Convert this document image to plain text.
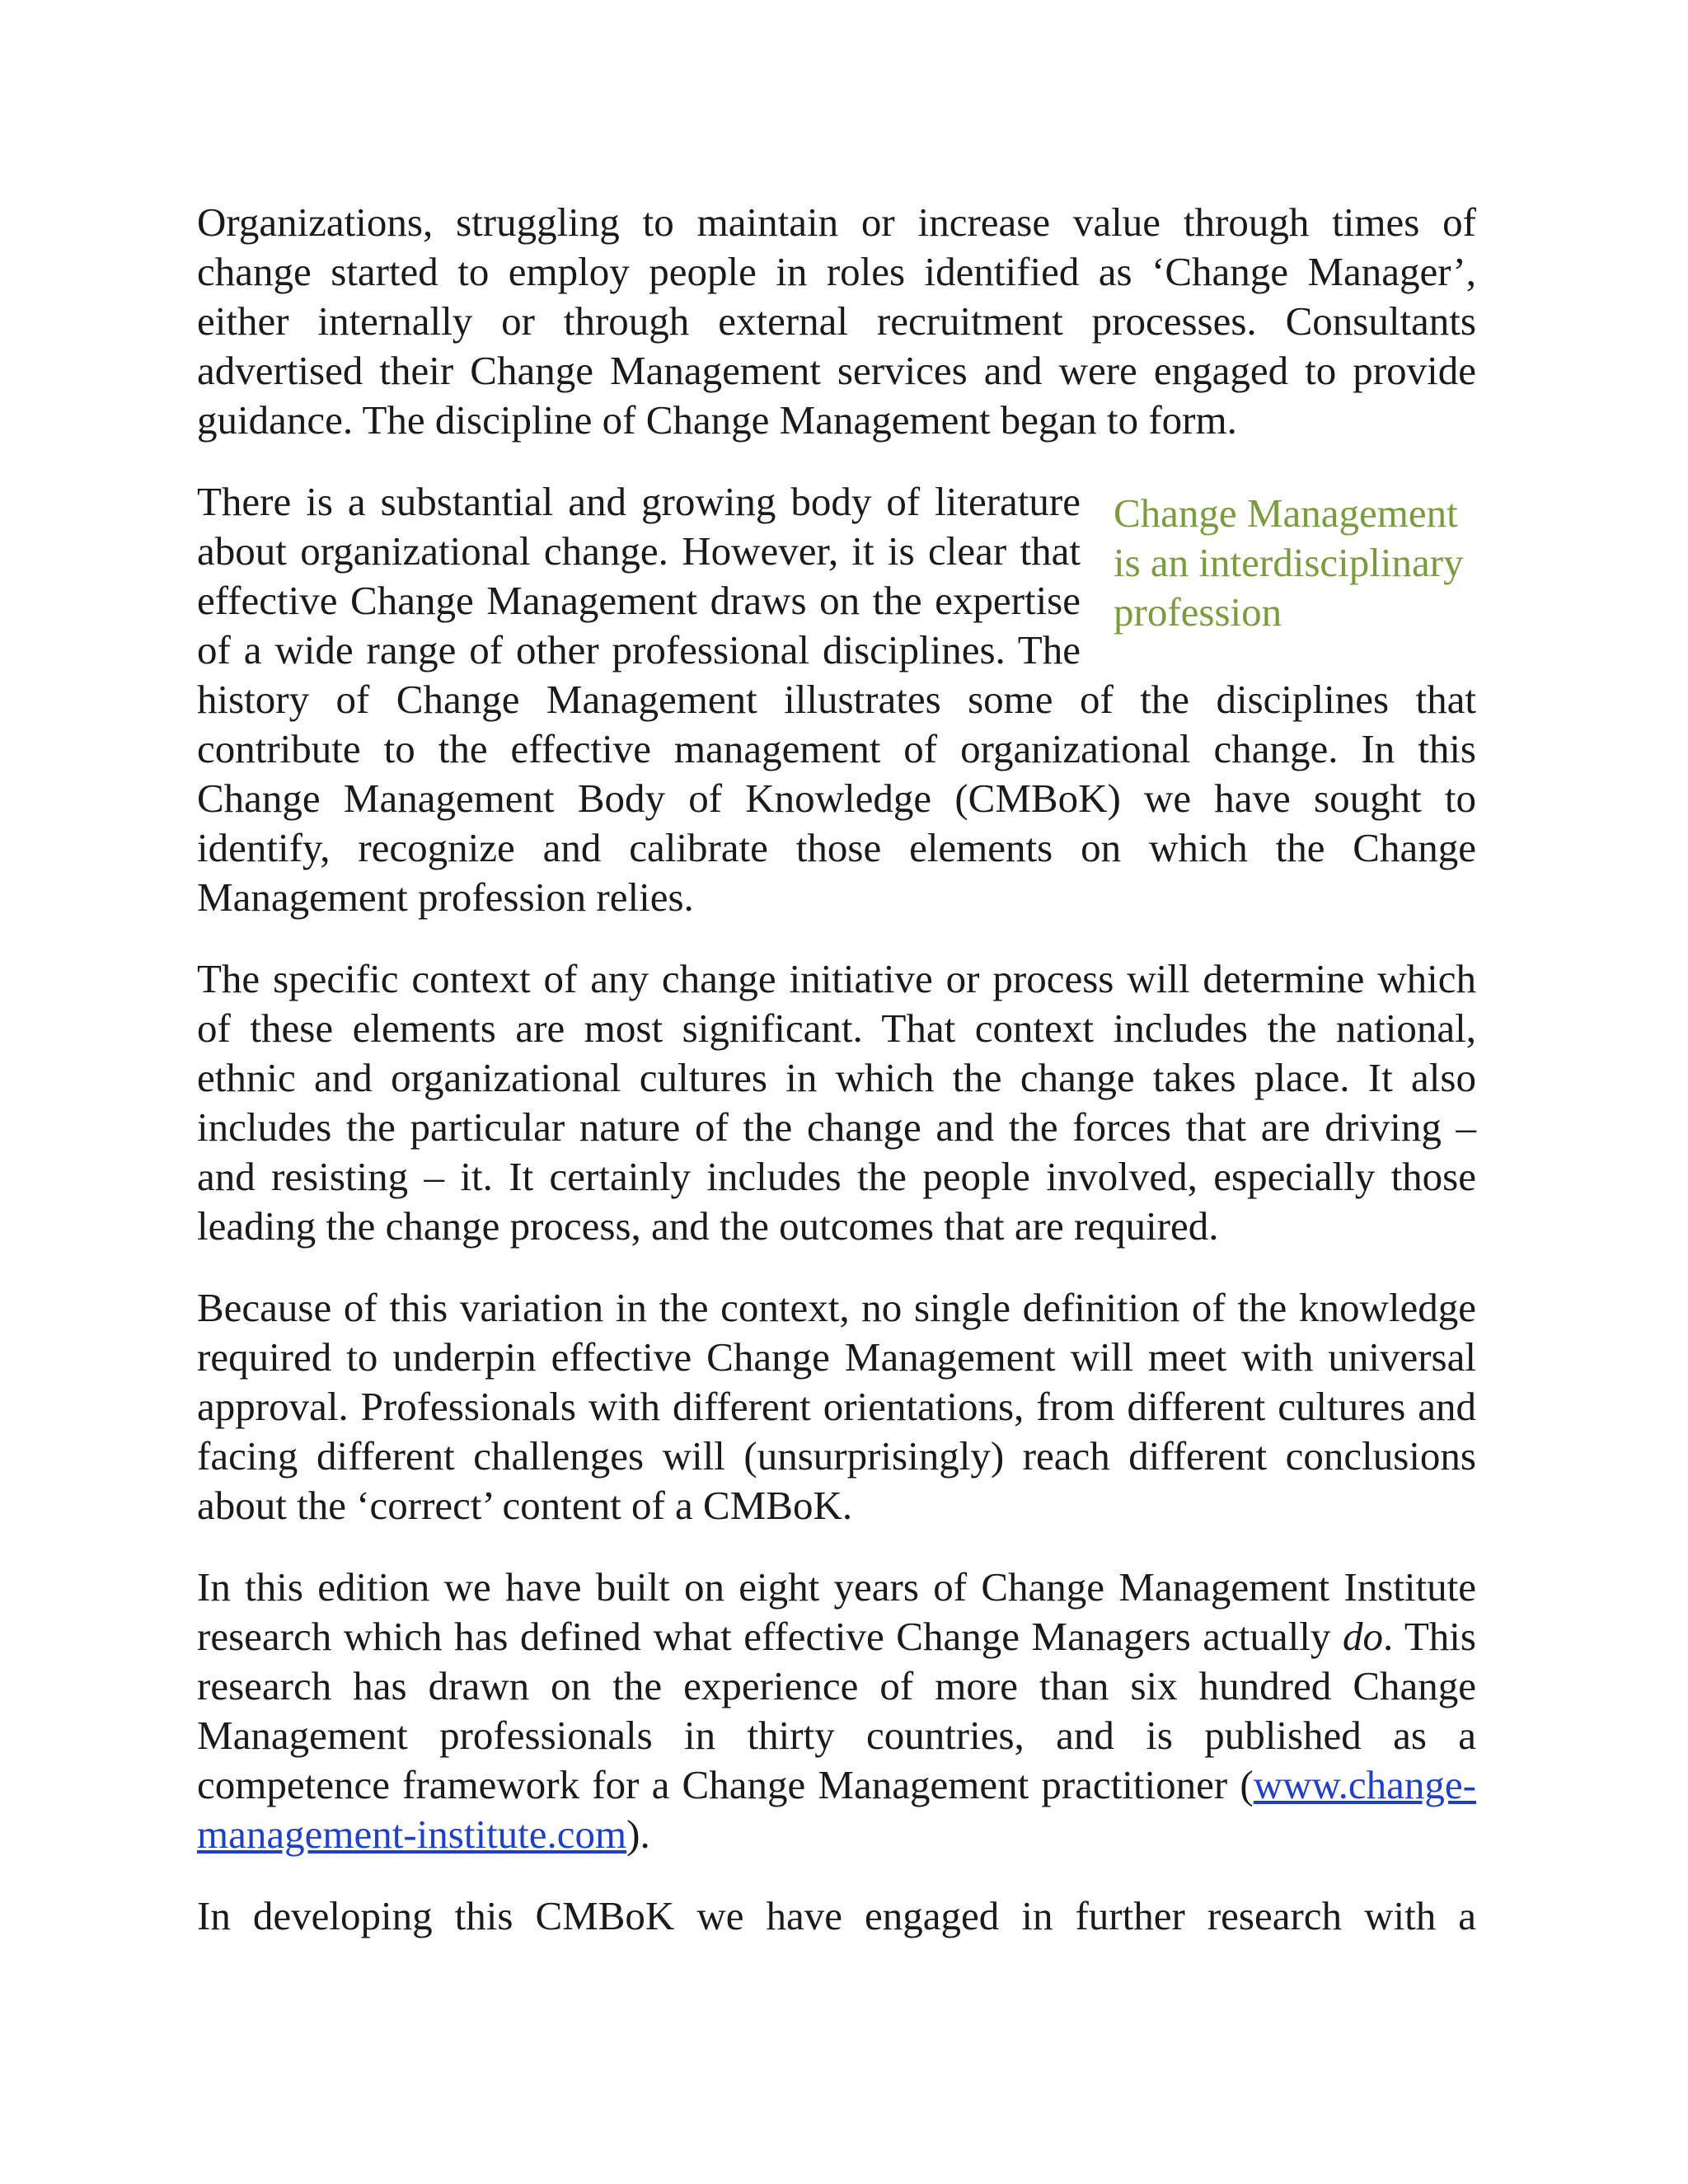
Organizations, struggling to maintain or increase value through times of change started to employ people in roles identified as ‘Change Manager’, either internally or through external recruitment processes. Consultants advertised their Change Management services and were engaged to provide guidance. The discipline of Change Management began to form.

Change Management is an interdisciplinary profession

There is a substantial and growing body of literature about organizational change. However, it is clear that effective Change Management draws on the expertise of a wide range of other professional disciplines. The history of Change Management illustrates some of the disciplines that contribute to the effective management of organizational change. In this Change Management Body of Knowledge (CMBoK) we have sought to identify, recognize and calibrate those elements on which the Change Management profession relies.

The specific context of any change initiative or process will determine which of these elements are most significant. That context includes the national, ethnic and organizational cultures in which the change takes place. It also includes the particular nature of the change and the forces that are driving – and resisting – it. It certainly includes the people involved, especially those leading the change process, and the outcomes that are required.

Because of this variation in the context, no single definition of the knowledge required to underpin effective Change Management will meet with universal approval. Professionals with different orientations, from different cultures and facing different challenges will (unsurprisingly) reach different conclusions about the ‘correct’ content of a CMBoK.

In this edition we have built on eight years of Change Management Institute research which has defined what effective Change Managers actually do. This research has drawn on the experience of more than six hundred Change Management professionals in thirty countries, and is published as a competence framework for a Change Management practitioner (www.change-management-institute.com).

In developing this CMBoK we have engaged in further research with a
